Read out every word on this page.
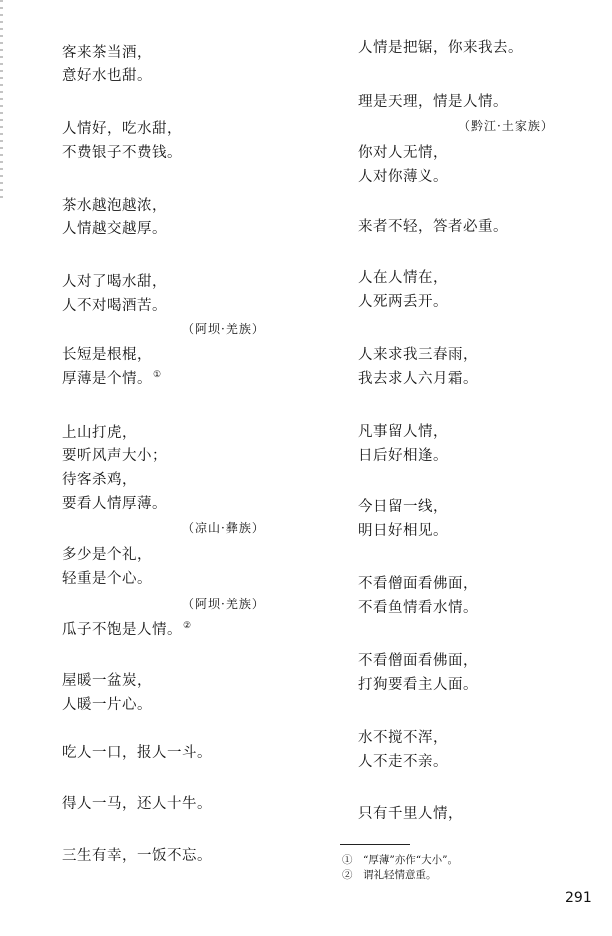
客来茶当酒，
意好水也甜。
人情好，吃水甜，
不费银子不费钱。
茶水越泡越浓，
人情越交越厚。
人对了喝水甜，
人不对喝酒苦。
（阿坝·羌族）
长短是根棍，
厚薄是个情。①
上山打虎，
要听风声大小；
待客杀鸡，
要看人情厚薄。
（凉山·彝族）
多少是个礼，
轻重是个心。
（阿坝·羌族）
瓜子不饱是人情。②
屋暖一盆炭，
人暖一片心。
吃人一口，报人一斗。
得人一马，还人十牛。
三生有幸，一饭不忘。
人情是把锯，你来我去。
理是天理，情是人情。
（黔江·土家族）
你对人无情，
人对你薄义。
来者不轻，答者必重。
人在人情在，
人死两丢开。
人来求我三春雨，
我去求人六月霜。
凡事留人情，
日后好相逢。
今日留一线，
明日好相见。
不看僧面看佛面，
不看鱼情看水情。
不看僧面看佛面，
打狗要看主人面。
水不搅不浑，
人不走不亲。
只有千里人情，
①　“厚薄”亦作“大小”。
②　谓礼轻情意重。
291
